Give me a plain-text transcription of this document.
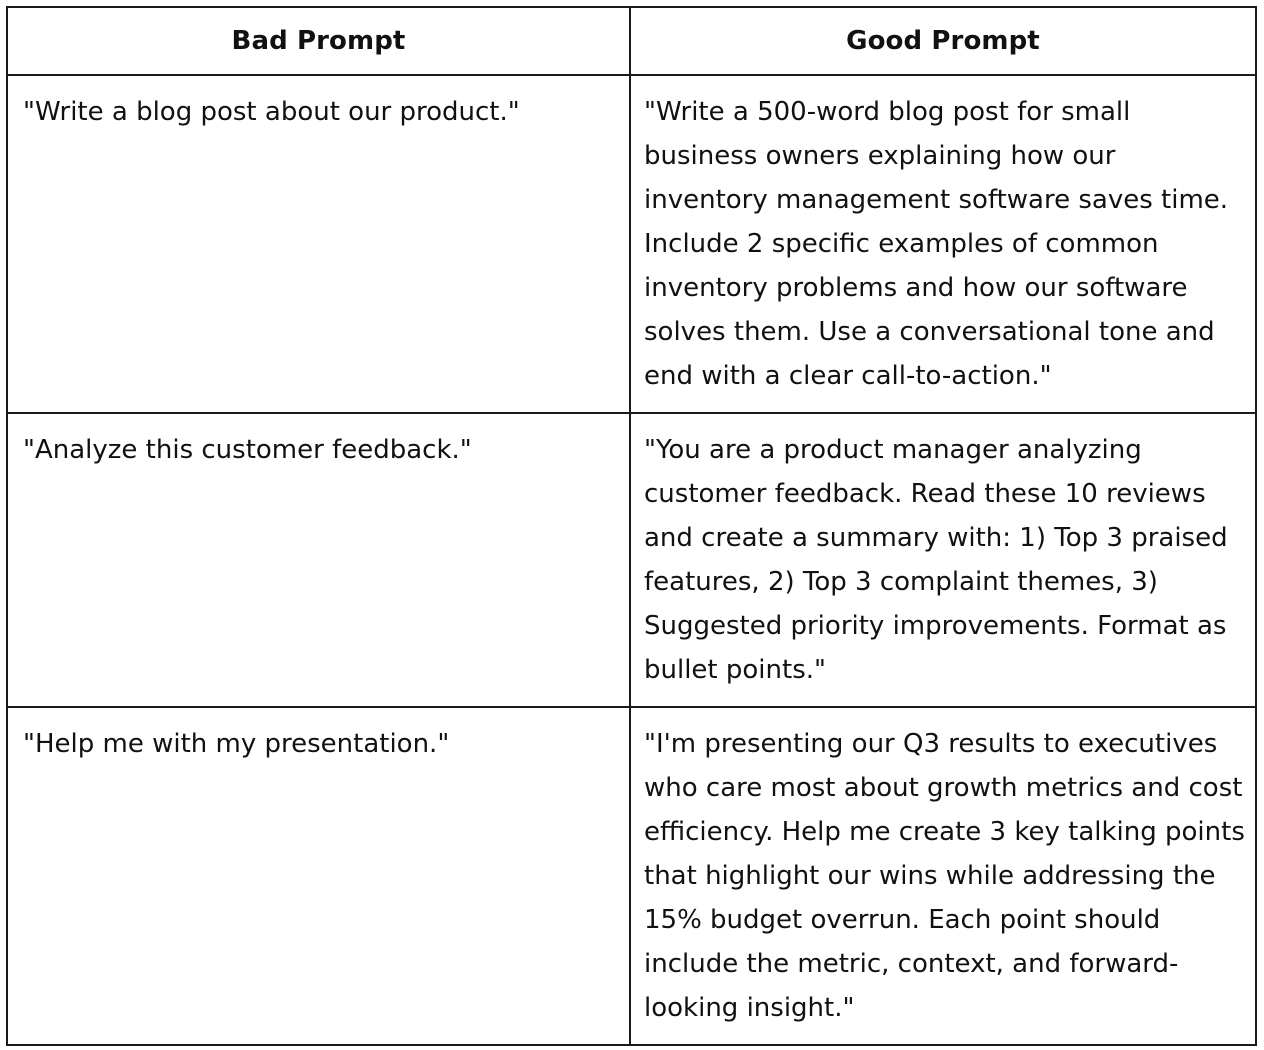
Bad Prompt	Good Prompt
"Write a blog post about our product."	"Write a 500-word blog post for small business owners explaining how our inventory management software saves time. Include 2 specific examples of common inventory problems and how our software solves them. Use a conversational tone and end with a clear call-to-action."
"Analyze this customer feedback."	"You are a product manager analyzing customer feedback. Read these 10 reviews and create a summary with: 1) Top 3 praised features, 2) Top 3 complaint themes, 3) Suggested priority improvements. Format as bullet points."
"Help me with my presentation."	"I'm presenting our Q3 results to executives who care most about growth metrics and cost efficiency. Help me create 3 key talking points that highlight our wins while addressing the 15% budget overrun. Each point should include the metric, context, and forward-looking insight."
